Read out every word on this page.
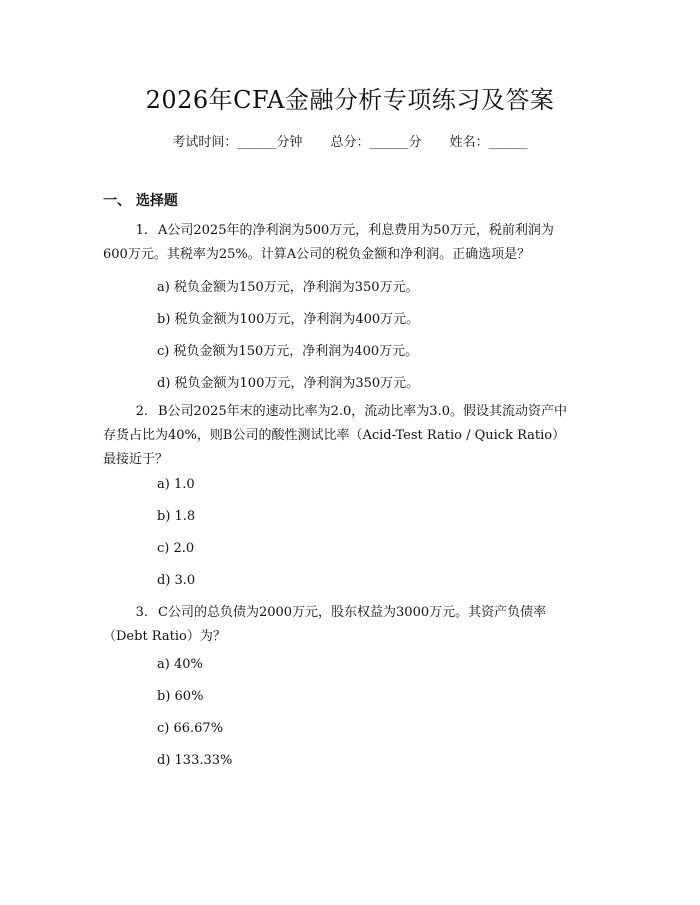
2026年CFA金融分析专项练习及答案
考试时间：______分钟 总分：______分 姓名：______
一、 选择题
1. A公司2025年的净利润为500万元，利息费用为50万元，税前利润为
600万元。其税率为25%。计算A公司的税负金额和净利润。正确选项是？
a) 税负金额为150万元，净利润为350万元。
b) 税负金额为100万元，净利润为400万元。
c) 税负金额为150万元，净利润为400万元。
d) 税负金额为100万元，净利润为350万元。
2. B公司2025年末的速动比率为2.0，流动比率为3.0。假设其流动资产中
存货占比为40%，则B公司的酸性测试比率（Acid-Test Ratio / Quick Ratio）
最接近于？
a) 1.0
b) 1.8
c) 2.0
d) 3.0
3. C公司的总负债为2000万元，股东权益为3000万元。其资产负债率
（Debt Ratio）为？
a) 40%
b) 60%
c) 66.67%
d) 133.33%
